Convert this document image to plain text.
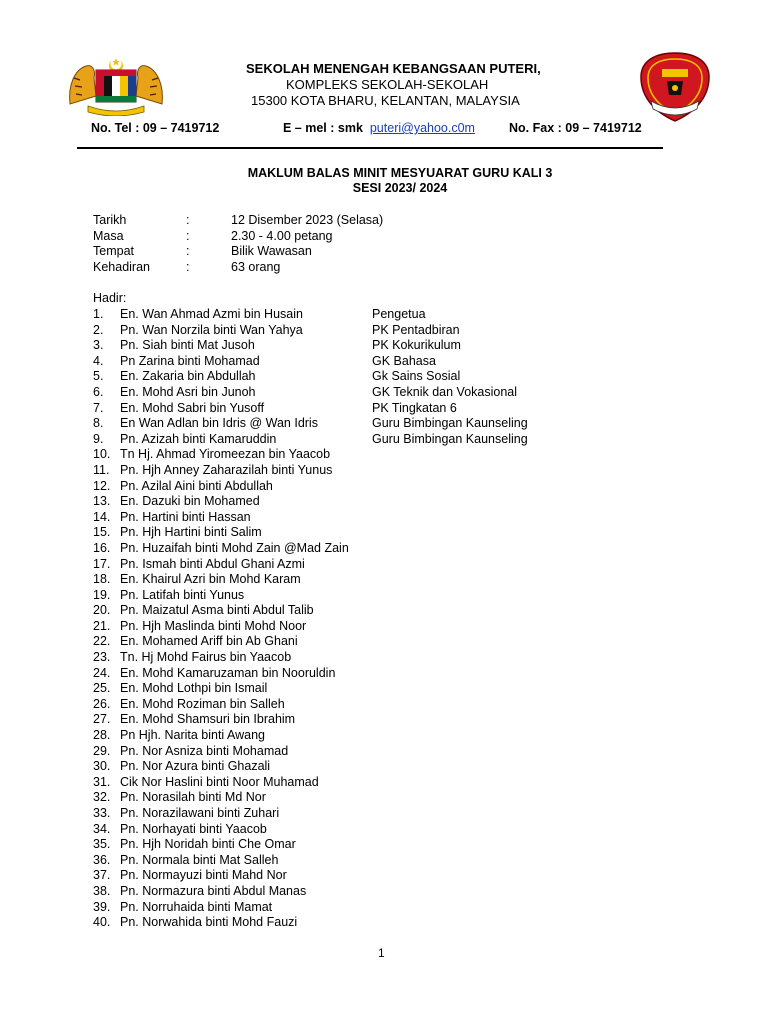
SEKOLAH MENENGAH KEBANGSAAN PUTERI,
KOMPLEKS SEKOLAH-SEKOLAH
15300 KOTA BHARU, KELANTAN, MALAYSIA
No. Tel : 09 – 7419712	E – mel : smk puteri@yahoo.c0m	No. Fax : 09 – 7419712
MAKLUM BALAS MINIT MESYUARAT GURU KALI 3
SESI 2023/ 2024
Tarikh	:	12 Disember 2023 (Selasa)
Masa	:	2.30 - 4.00 petang
Tempat	:	Bilik Wawasan
Kehadiran	:	63 orang
Hadir:
1.	En. Wan Ahmad Azmi bin Husain	Pengetua
2.	Pn. Wan Norzila binti Wan Yahya	PK Pentadbiran
3.	Pn. Siah binti Mat Jusoh	PK Kokurikulum
4.	Pn Zarina binti Mohamad	GK Bahasa
5.	En. Zakaria bin Abdullah	Gk Sains Sosial
6.	En. Mohd Asri bin Junoh	GK Teknik dan Vokasional
7.	En. Mohd Sabri bin Yusoff	PK Tingkatan 6
8.	En Wan Adlan bin Idris @ Wan Idris	Guru Bimbingan Kaunseling
9.	Pn. Azizah binti Kamaruddin	Guru Bimbingan Kaunseling
10. Tn Hj. Ahmad Yiromeezan bin Yaacob
11. Pn. Hjh Anney Zaharazilah binti Yunus
12. Pn. Azilal Aini binti Abdullah
13. En. Dazuki bin Mohamed
14. Pn. Hartini binti Hassan
15. Pn. Hjh Hartini binti Salim
16. Pn. Huzaifah binti Mohd Zain @Mad Zain
17. Pn. Ismah binti Abdul Ghani Azmi
18. En. Khairul Azri bin Mohd Karam
19. Pn. Latifah binti Yunus
20. Pn. Maizatul Asma binti Abdul Talib
21. Pn. Hjh Maslinda binti Mohd Noor
22. En. Mohamed Ariff bin Ab Ghani
23. Tn. Hj Mohd Fairus bin Yaacob
24. En. Mohd Kamaruzaman bin Nooruldin
25. En. Mohd Lothpi bin Ismail
26. En. Mohd Roziman bin Salleh
27. En. Mohd Shamsuri bin Ibrahim
28. Pn Hjh. Narita binti Awang
29. Pn. Nor Asniza binti Mohamad
30. Pn. Nor Azura binti Ghazali
31. Cik Nor Haslini binti Noor Muhamad
32. Pn. Norasilah binti Md Nor
33. Pn. Norazilawani binti Zuhari
34. Pn. Norhayati binti Yaacob
35. Pn. Hjh Noridah binti Che Omar
36. Pn. Normala binti Mat Salleh
37. Pn. Normayuzi binti Mahd Nor
38. Pn. Normazura binti Abdul Manas
39. Pn. Norruhaida binti Mamat
40. Pn. Norwahida binti Mohd Fauzi
1
